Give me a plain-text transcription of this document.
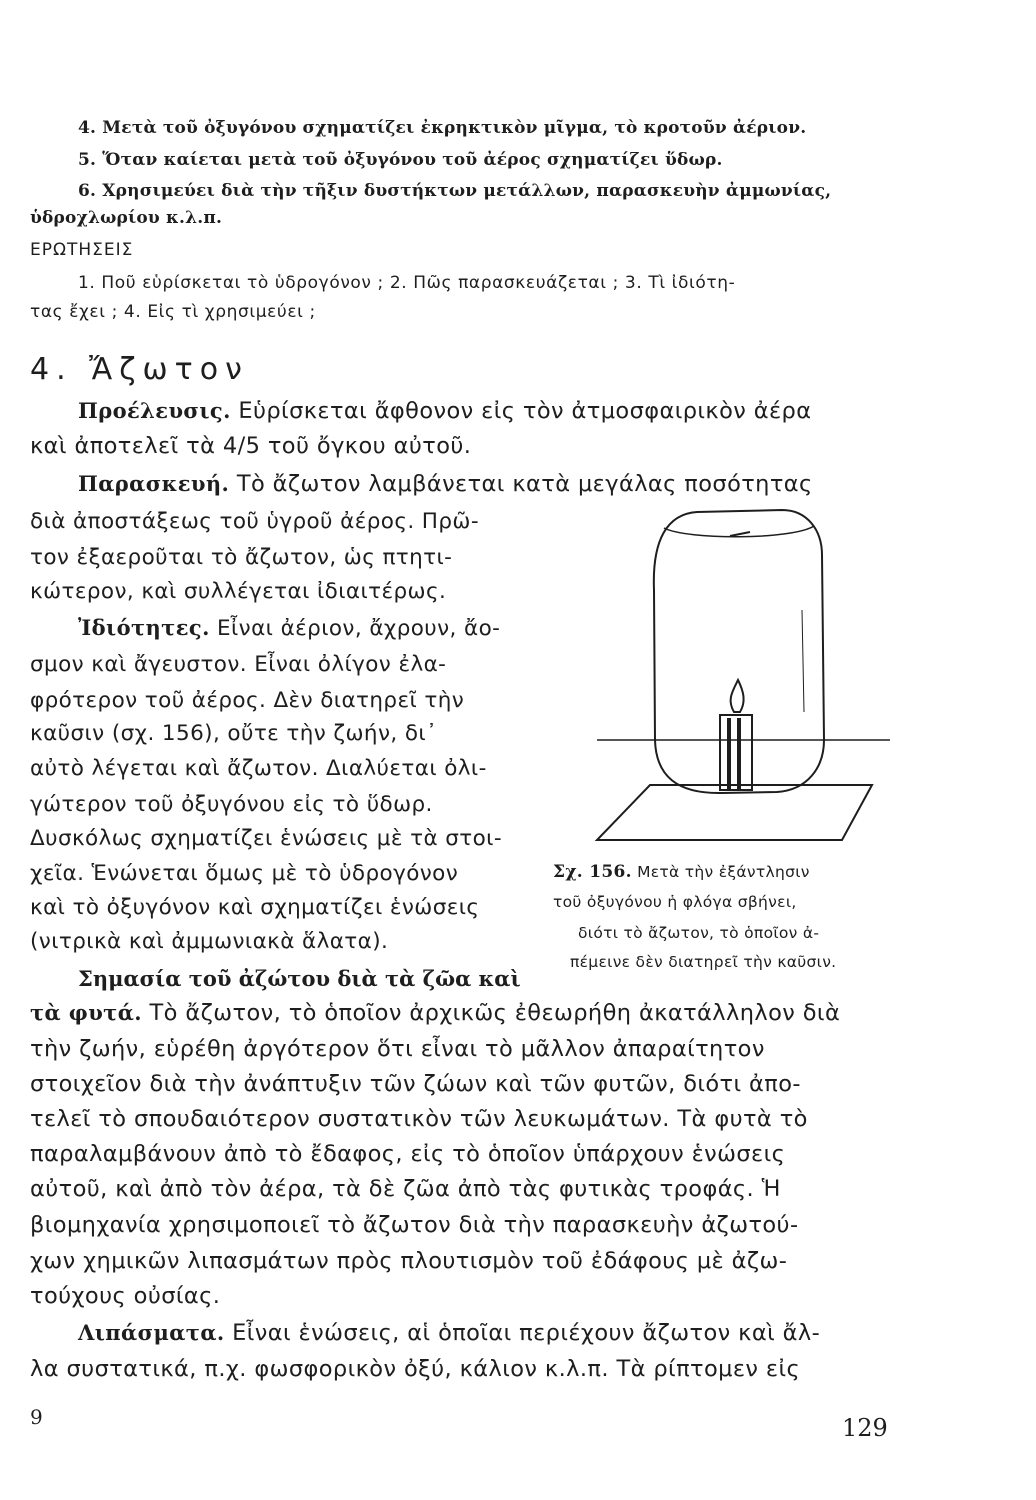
4. Μετὰ τοῦ ὀξυγόνου σχηματίζει ἐκρηκτικὸν μῖγμα, τὸ κροτοῦν ἀέριον.
5. Ὅταν καίεται μετὰ τοῦ ὀξυγόνου τοῦ ἀέρος σχηματίζει ὕδωρ.
6. Χρησιμεύει διὰ τὴν τῆξιν δυστήκτων μετάλλων, παρασκευὴν ἀμμωνίας,
ὑδροχλωρίου κ.λ.π.
ΕΡΩΤΗΣΕΙΣ
1. Ποῦ εὑρίσκεται τὸ ὑδρογόνον ; 2. Πῶς παρασκευάζεται ; 3. Τὶ ἰδιότη-
τας ἔχει ; 4. Εἰς τὶ χρησιμεύει ;
4. Ἄζωτον
Προέλευσις. Εὑρίσκεται ἄφθονον εἰς τὸν ἀτμοσφαιρικὸν ἀέρα
καὶ ἀποτελεῖ τὰ 4/5 τοῦ ὄγκου αὐτοῦ.
Παρασκευή. Τὸ ἄζωτον λαμβάνεται κατὰ μεγάλας ποσότητας
διὰ ἀποστάξεως τοῦ ὑγροῦ ἀέρος. Πρῶ-
τον ἐξαεροῦται τὸ ἄζωτον, ὡς πτητι-
κώτερον, καὶ συλλέγεται ἰδιαιτέρως.
Ἰδιότητες. Εἶναι ἀέριον, ἄχρουν, ἄο-
σμον καὶ ἄγευστον. Εἶναι ὀλίγον ἐλα-
φρότερον τοῦ ἀέρος. Δὲν διατηρεῖ τὴν
καῦσιν (σχ. 156), οὔτε τὴν ζωήν, δι᾽
αὐτὸ λέγεται καὶ ἄζωτον. Διαλύεται ὀλι-
γώτερον τοῦ ὀξυγόνου εἰς τὸ ὕδωρ.
Δυσκόλως σχηματίζει ἑνώσεις μὲ τὰ στοι-
χεῖα. Ἑνώνεται ὅμως μὲ τὸ ὑδρογόνον
καὶ τὸ ὀξυγόνον καὶ σχηματίζει ἑνώσεις
(νιτρικὰ καὶ ἀμμωνιακὰ ἅλατα).
Σχ. 156. Μετὰ τὴν ἐξάντλησιν
τοῦ ὀξυγόνου ἡ φλόγα σβήνει,
διότι τὸ ἄζωτον, τὸ ὁποῖον ἀ-
πέμεινε δὲν διατηρεῖ τὴν καῦσιν.
Σημασία τοῦ ἀζώτου διὰ τὰ ζῶα καὶ
τὰ φυτά. Τὸ ἄζωτον, τὸ ὁποῖον ἀρχικῶς ἐθεωρήθη ἀκατάλληλον διὰ
τὴν ζωήν, εὑρέθη ἀργότερον ὅτι εἶναι τὸ μᾶλλον ἀπαραίτητον
στοιχεῖον διὰ τὴν ἀνάπτυξιν τῶν ζώων καὶ τῶν φυτῶν, διότι ἀπο-
τελεῖ τὸ σπουδαιότερον συστατικὸν τῶν λευκωμάτων. Τὰ φυτὰ τὸ
παραλαμβάνουν ἀπὸ τὸ ἔδαφος, εἰς τὸ ὁποῖον ὑπάρχουν ἑνώσεις
αὐτοῦ, καὶ ἀπὸ τὸν ἀέρα, τὰ δὲ ζῶα ἀπὸ τὰς φυτικὰς τροφάς. Ἡ
βιομηχανία χρησιμοποιεῖ τὸ ἄζωτον διὰ τὴν παρασκευὴν ἀζωτού-
χων χημικῶν λιπασμάτων πρὸς πλουτισμὸν τοῦ ἐδάφους μὲ ἀζω-
τούχους οὐσίας.
Λιπάσματα. Εἶναι ἑνώσεις, αἱ ὁποῖαι περιέχουν ἄζωτον καὶ ἄλ-
λα συστατικά, π.χ. φωσφορικὸν ὀξύ, κάλιον κ.λ.π. Τὰ ρίπτομεν εἰς
9	129
